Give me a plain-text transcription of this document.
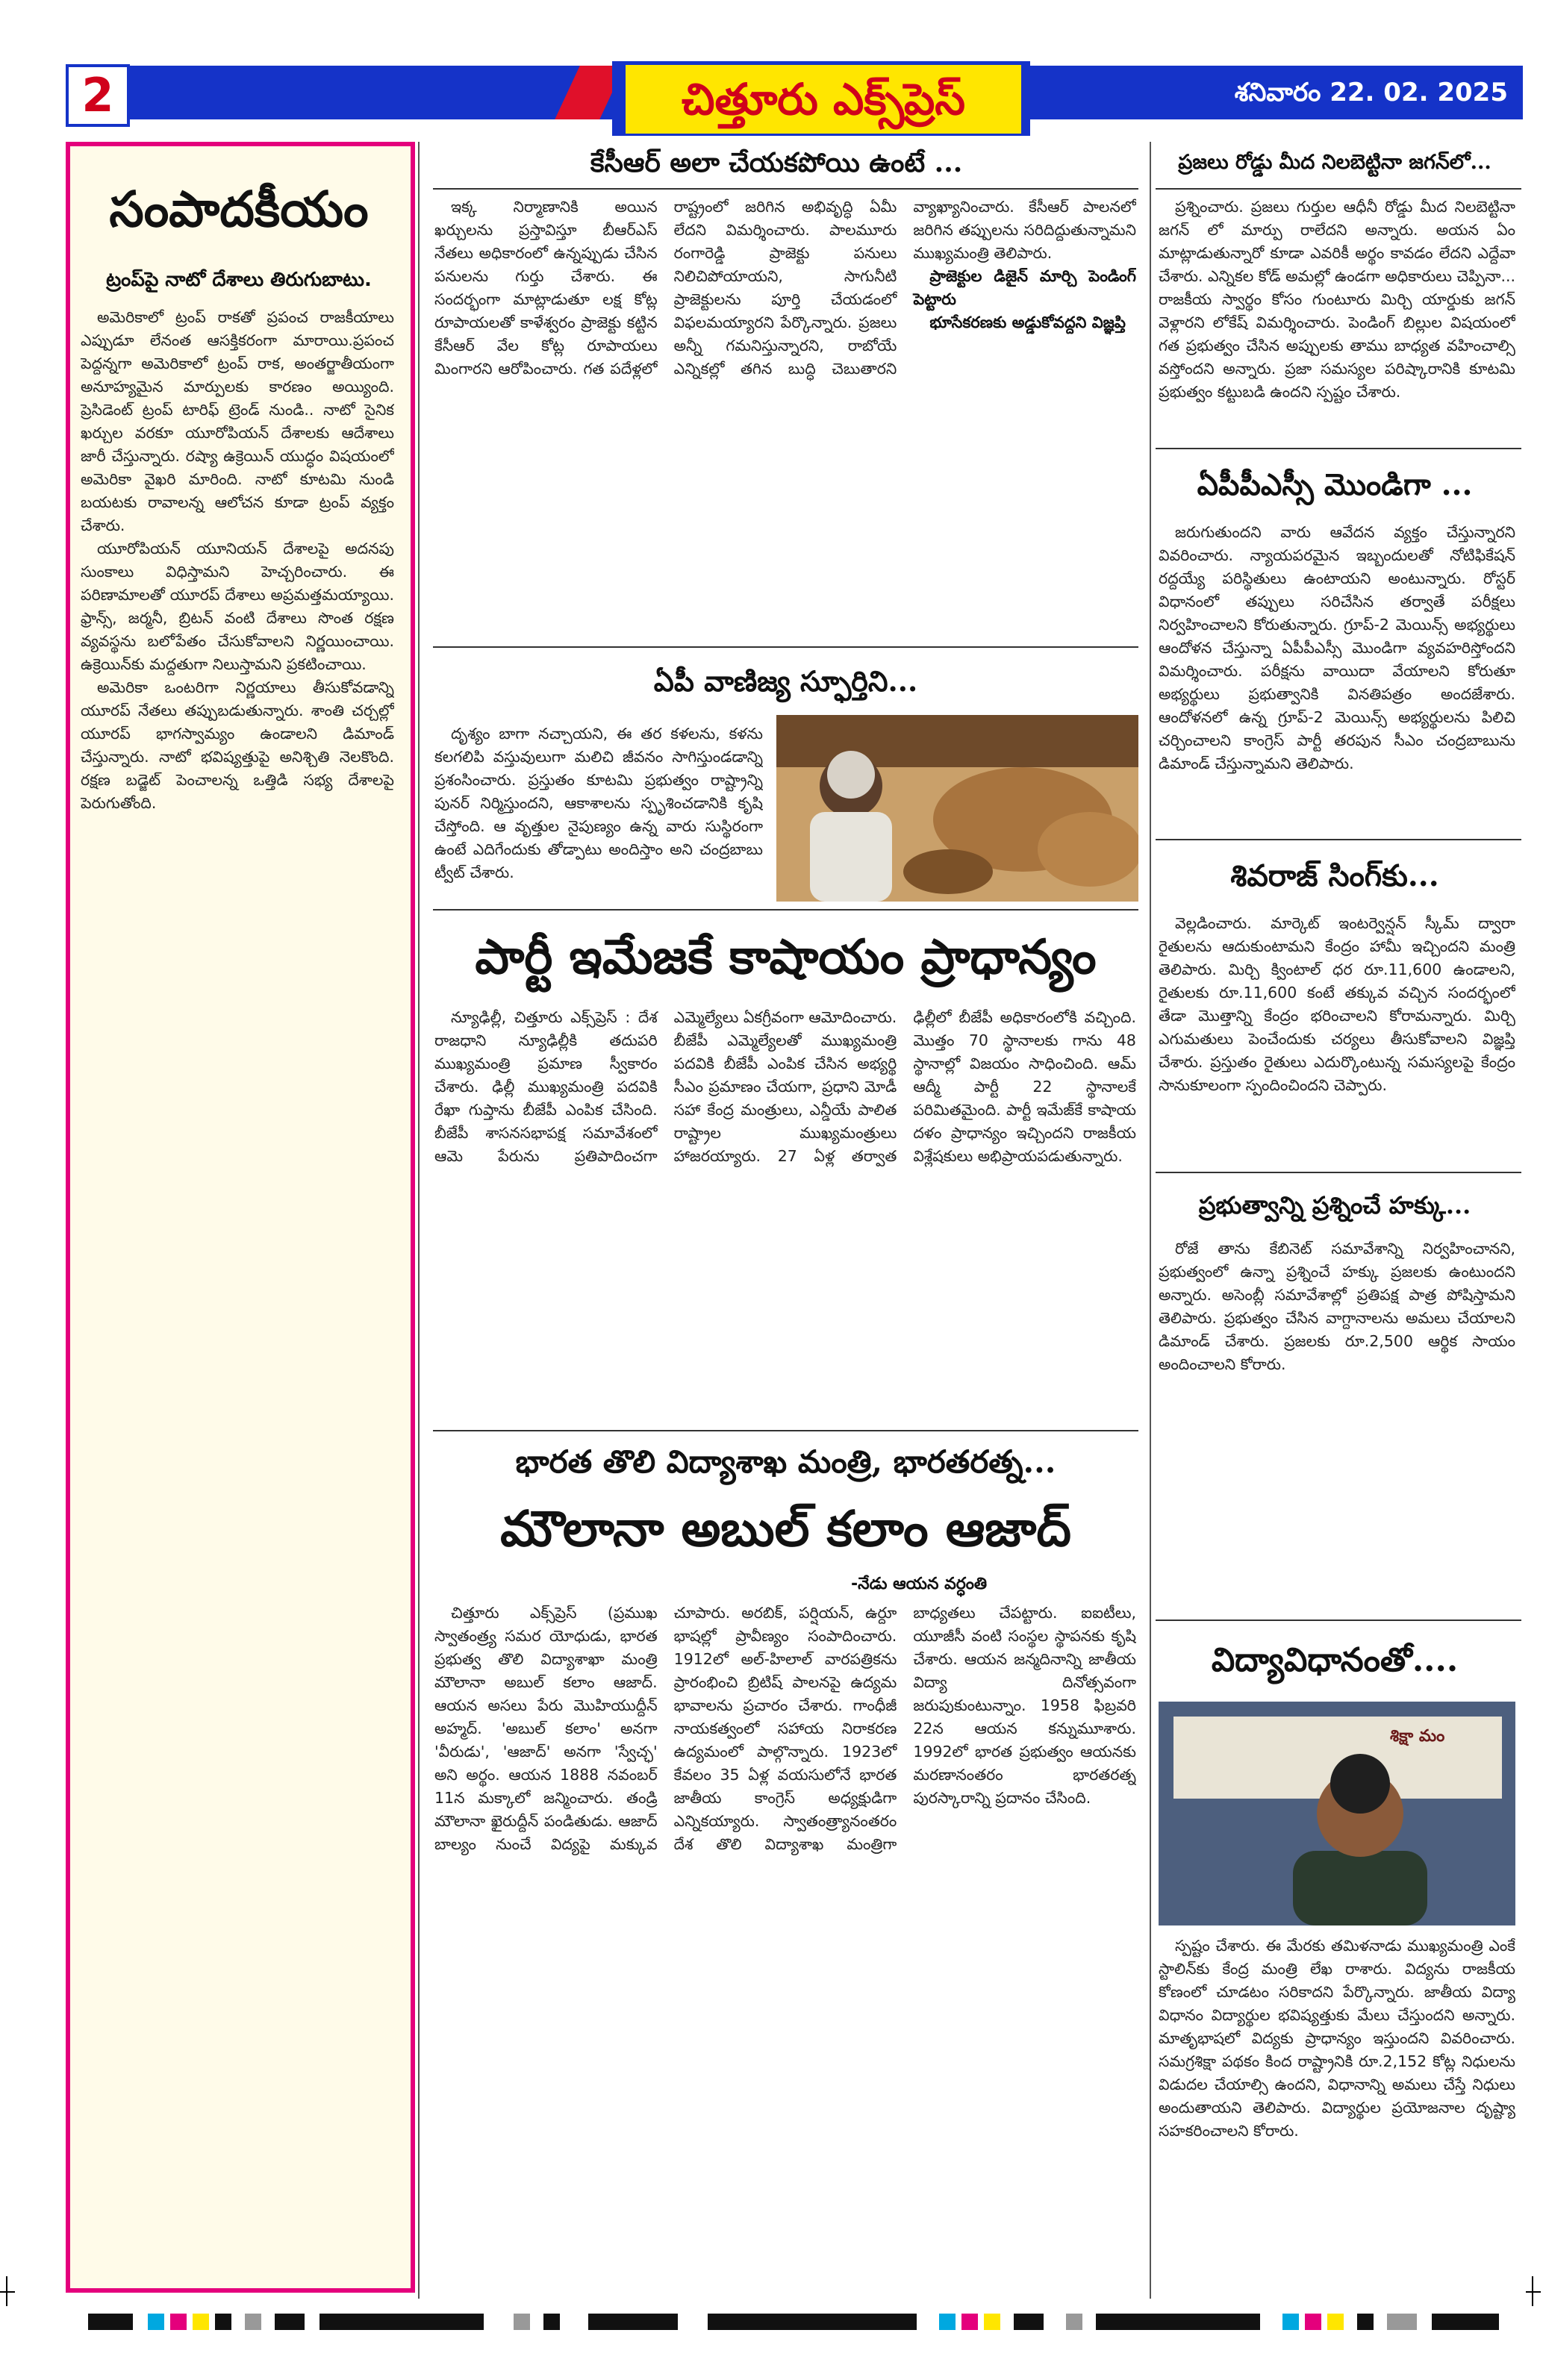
2	చిత్తూరు ఎక్స్‌ప్రెస్	శనివారం 22. 02. 2025
సంపాదకీయం
ట్రంప్‌పై నాటో దేశాలు తిరుగుబాటు.

అమెరికాలో ట్రంప్ రాకతో ప్రపంచ రాజకీయాలు ఎప్పుడూ లేనంత ఆసక్తికరంగా మారాయి.ప్రపంచ పెద్దన్నగా అమెరికాలో ట్రంప్ రాక, అంతర్జాతీయంగా అనూహ్యమైన మార్పులకు కారణం అయ్యింది. ప్రెసిడెంట్ ట్రంప్ టారిఫ్ ట్రెండ్ నుండి.. నాటో సైనిక ఖర్చుల వరకూ యూరోపియన్ దేశాలకు ఆదేశాలు జారీ చేస్తున్నారు. రష్యా ఉక్రెయిన్ యుద్ధం విషయంలో అమెరికా వైఖరి మారింది. నాటో కూటమి నుండి బయటకు రావాలన్న ఆలోచన కూడా ట్రంప్ వ్యక్తం చేశారు.

యూరోపియన్ యూనియన్ దేశాలపై అదనపు సుంకాలు విధిస్తామని హెచ్చరించారు. ఈ పరిణామాలతో యూరప్ దేశాలు అప్రమత్తమయ్యాయి. ఫ్రాన్స్, జర్మనీ, బ్రిటన్ వంటి దేశాలు సొంత రక్షణ వ్యవస్థను బలోపేతం చేసుకోవాలని నిర్ణయించాయి. ఉక్రెయిన్‌కు మద్దతుగా నిలుస్తామని ప్రకటించాయి.

అమెరికా ఒంటరిగా నిర్ణయాలు తీసుకోవడాన్ని యూరప్ నేతలు తప్పుబడుతున్నారు. శాంతి చర్చల్లో యూరప్ భాగస్వామ్యం ఉండాలని డిమాండ్ చేస్తున్నారు. నాటో భవిష్యత్తుపై అనిశ్చితి నెలకొంది. రక్షణ బడ్జెట్ పెంచాలన్న ఒత్తిడి సభ్య దేశాలపై పెరుగుతోంది.

కేసీఆర్ అలా చేయకపోయి ఉంటే ...

ఇక్క నిర్మాణానికి అయిన ఖర్చులను ప్రస్తావిస్తూ బీఆర్ఎస్ నేతలు అధికారంలో ఉన్నప్పుడు చేసిన పనులను గుర్తు చేశారు. ఈ సందర్భంగా మాట్లాడుతూ లక్ష కోట్ల రూపాయలతో కాళేశ్వరం ప్రాజెక్టు కట్టిన కేసీఆర్ వేల కోట్ల రూపాయలు మింగారని ఆరోపించారు. గత పదేళ్లలో రాష్ట్రంలో జరిగిన అభివృద్ధి ఏమీ లేదని విమర్శించారు. పాలమూరు రంగారెడ్డి ప్రాజెక్టు పనులు నిలిచిపోయాయని, సాగునీటి ప్రాజెక్టులను పూర్తి చేయడంలో విఫలమయ్యారని పేర్కొన్నారు. ప్రజలు అన్నీ గమనిస్తున్నారని, రాబోయే ఎన్నికల్లో తగిన బుద్ధి చెబుతారని వ్యాఖ్యానించారు. కేసీఆర్ పాలనలో జరిగిన తప్పులను సరిదిద్దుతున్నామని ముఖ్యమంత్రి తెలిపారు.

ప్రాజెక్టుల డిజైన్ మార్చి పెండింగ్ పెట్టారు

భూసేకరణకు అడ్డుకోవద్దని విజ్ఞప్తి

ఏపీ వాణిజ్య స్ఫూర్తిని...

దృశ్యం బాగా నచ్చాయని, ఈ తర కళలను, కళను కలగలిపి వస్తువులుగా మలిచి జీవనం సాగిస్తుండడాన్ని ప్రశంసించారు. ప్రస్తుతం కూటమి ప్రభుత్వం రాష్ట్రాన్ని పునర్ నిర్మిస్తుందని, ఆకాశాలను స్పృశించడానికి కృషి చేస్తోంది. ఆ వృత్తుల నైపుణ్యం ఉన్న వారు సుస్థిరంగా ఉంటే ఎదిగేందుకు తోడ్పాటు అందిస్తాం అని చంద్రబాబు ట్వీట్ చేశారు.

పార్టీ ఇమేజకే కాషాయం ప్రాధాన్యం

న్యూఢిల్లీ, చిత్తూరు ఎక్స్‌ప్రెస్ : దేశ రాజధాని న్యూఢిల్లీకి తదుపరి ముఖ్యమంత్రి ప్రమాణ స్వీకారం చేశారు. ఢిల్లీ ముఖ్యమంత్రి పదవికి రేఖా గుప్తాను బీజేపీ ఎంపిక చేసింది. బీజేపీ శాసనసభాపక్ష సమావేశంలో ఆమె పేరును ప్రతిపాదించగా ఎమ్మెల్యేలు ఏకగ్రీవంగా ఆమోదించారు. బీజేపీ ఎమ్మెల్యేలతో ముఖ్యమంత్రి పదవికి బీజేపీ ఎంపిక చేసిన అభ్యర్థి సీఎం ప్రమాణం చేయగా, ప్రధాని మోడీ సహా కేంద్ర మంత్రులు, ఎన్డీయే పాలిత రాష్ట్రాల ముఖ్యమంత్రులు హాజరయ్యారు. 27 ఏళ్ల తర్వాత ఢిల్లీలో బీజేపీ అధికారంలోకి వచ్చింది. మొత్తం 70 స్థానాలకు గాను 48 స్థానాల్లో విజయం సాధించింది. ఆమ్ ఆద్మీ పార్టీ 22 స్థానాలకే పరిమితమైంది. పార్టీ ఇమేజ్‌కే కాషాయ దళం ప్రాధాన్యం ఇచ్చిందని రాజకీయ విశ్లేషకులు అభిప్రాయపడుతున్నారు.

భారత తొలి విద్యాశాఖ మంత్రి, భారతరత్న...
మౌలానా అబుల్ కలాం ఆజాద్
-నేడు ఆయన వర్ధంతి

చిత్తూరు ఎక్స్‌ప్రెస్ (ప్రముఖ స్వాతంత్ర్య సమర యోధుడు, భారత ప్రభుత్వ తొలి విద్యాశాఖా మంత్రి మౌలానా అబుల్ కలాం ఆజాద్. ఆయన అసలు పేరు మొహియుద్దీన్ అహ్మద్. 'అబుల్ కలాం' అనగా 'వీరుడు', 'ఆజాద్' అనగా 'స్వేచ్ఛ' అని అర్థం. ఆయన 1888 నవంబర్ 11న మక్కాలో జన్మించారు. తండ్రి మౌలానా ఖైరుద్దీన్ పండితుడు. ఆజాద్ బాల్యం నుంచే విద్యపై మక్కువ చూపారు. అరబిక్, పర్షియన్, ఉర్దూ భాషల్లో ప్రావీణ్యం సంపాదించారు. 1912లో అల్-హిలాల్ వారపత్రికను ప్రారంభించి బ్రిటిష్ పాలనపై ఉద్యమ భావాలను ప్రచారం చేశారు. గాంధీజీ నాయకత్వంలో సహాయ నిరాకరణ ఉద్యమంలో పాల్గొన్నారు. 1923లో కేవలం 35 ఏళ్ల వయసులోనే భారత జాతీయ కాంగ్రెస్ అధ్యక్షుడిగా ఎన్నికయ్యారు. స్వాతంత్ర్యానంతరం దేశ తొలి విద్యాశాఖ మంత్రిగా బాధ్యతలు చేపట్టారు. ఐఐటీలు, యూజీసీ వంటి సంస్థల స్థాపనకు కృషి చేశారు. ఆయన జన్మదినాన్ని జాతీయ విద్యా దినోత్సవంగా జరుపుకుంటున్నాం. 1958 ఫిబ్రవరి 22న ఆయన కన్నుమూశారు. 1992లో భారత ప్రభుత్వం ఆయనకు మరణానంతరం భారతరత్న పురస్కారాన్ని ప్రదానం చేసింది.

ప్రజలు రోడ్డు మీద నిలబెట్టినా జగన్‌లో...

ప్రశ్నించారు. ప్రజలు గుర్తుల ఆధీనీ రోడ్డు మీద నిలబెట్టినా జగన్ లో మార్పు రాలేదని అన్నారు. అయన ఏం మాట్లాడుతున్నారో కూడా ఎవరికీ అర్థం కావడం లేదని ఎద్దేవా చేశారు. ఎన్నికల కోడ్ అమల్లో ఉండగా అధికారులు చెప్పినా... రాజకీయ స్వార్థం కోసం గుంటూరు మిర్చి యార్డుకు జగన్ వెళ్లారని లోకేష్ విమర్శించారు. పెండింగ్ బిల్లుల విషయంలో గత ప్రభుత్వం చేసిన అప్పులకు తాము బాధ్యత వహించాల్సి వస్తోందని అన్నారు. ప్రజా సమస్యల పరిష్కారానికి కూటమి ప్రభుత్వం కట్టుబడి ఉందని స్పష్టం చేశారు.

ఏపీపీఎస్సీ మొండిగా ...

జరుగుతుందని వారు ఆవేదన వ్యక్తం చేస్తున్నారని వివరించారు. న్యాయపరమైన ఇబ్బందులతో నోటిఫికేషన్ రద్దయ్యే పరిస్థితులు ఉంటాయని అంటున్నారు. రోస్టర్ విధానంలో తప్పులు సరిచేసిన తర్వాతే పరీక్షలు నిర్వహించాలని కోరుతున్నారు. గ్రూప్-2 మెయిన్స్ అభ్యర్థులు ఆందోళన చేస్తున్నా ఏపీపీఎస్సీ మొండిగా వ్యవహరిస్తోందని విమర్శించారు. పరీక్షను వాయిదా వేయాలని కోరుతూ అభ్యర్థులు ప్రభుత్వానికి వినతిపత్రం అందజేశారు. ఆందోళనలో ఉన్న గ్రూప్-2 మెయిన్స్ అభ్యర్థులను పిలిచి చర్చించాలని కాంగ్రెస్ పార్టీ తరపున సీఎం చంద్రబాబును డిమాండ్ చేస్తున్నామని తెలిపారు.

శివరాజ్ సింగ్‌కు...

వెల్లడించారు. మార్కెట్ ఇంటర్వెన్షన్ స్కీమ్ ద్వారా రైతులను ఆదుకుంటామని కేంద్రం హామీ ఇచ్చిందని మంత్రి తెలిపారు. మిర్చి క్వింటాల్ ధర రూ.11,600 ఉండాలని, రైతులకు రూ.11,600 కంటే తక్కువ వచ్చిన సందర్భంలో తేడా మొత్తాన్ని కేంద్రం భరించాలని కోరామన్నారు. మిర్చి ఎగుమతులు పెంచేందుకు చర్యలు తీసుకోవాలని విజ్ఞప్తి చేశారు. ప్రస్తుతం రైతులు ఎదుర్కొంటున్న సమస్యలపై కేంద్రం సానుకూలంగా స్పందించిందని చెప్పారు.

ప్రభుత్వాన్ని ప్రశ్నించే హక్కు...

రోజే తాను కేబినెట్ సమావేశాన్ని నిర్వహించానని, ప్రభుత్వంలో ఉన్నా ప్రశ్నించే హక్కు ప్రజలకు ఉంటుందని అన్నారు. అసెంబ్లీ సమావేశాల్లో ప్రతిపక్ష పాత్ర పోషిస్తామని తెలిపారు. ప్రభుత్వం చేసిన వాగ్దానాలను అమలు చేయాలని డిమాండ్ చేశారు. ప్రజలకు రూ.2,500 ఆర్థిక సాయం అందించాలని కోరారు.

విద్యావిధానంతో....
శిక్షా మం

స్పష్టం చేశారు. ఈ మేరకు తమిళనాడు ముఖ్యమంత్రి ఎంకే స్టాలిన్‌కు కేంద్ర మంత్రి లేఖ రాశారు. విద్యను రాజకీయ కోణంలో చూడటం సరికాదని పేర్కొన్నారు. జాతీయ విద్యా విధానం విద్యార్థుల భవిష్యత్తుకు మేలు చేస్తుందని అన్నారు. మాతృభాషలో విద్యకు ప్రాధాన్యం ఇస్తుందని వివరించారు. సమగ్రశిక్షా పథకం కింద రాష్ట్రానికి రూ.2,152 కోట్ల నిధులను విడుదల చేయాల్సి ఉందని, విధానాన్ని అమలు చేస్తే నిధులు అందుతాయని తెలిపారు. విద్యార్థుల ప్రయోజనాల దృష్ట్యా సహకరించాలని కోరారు.
